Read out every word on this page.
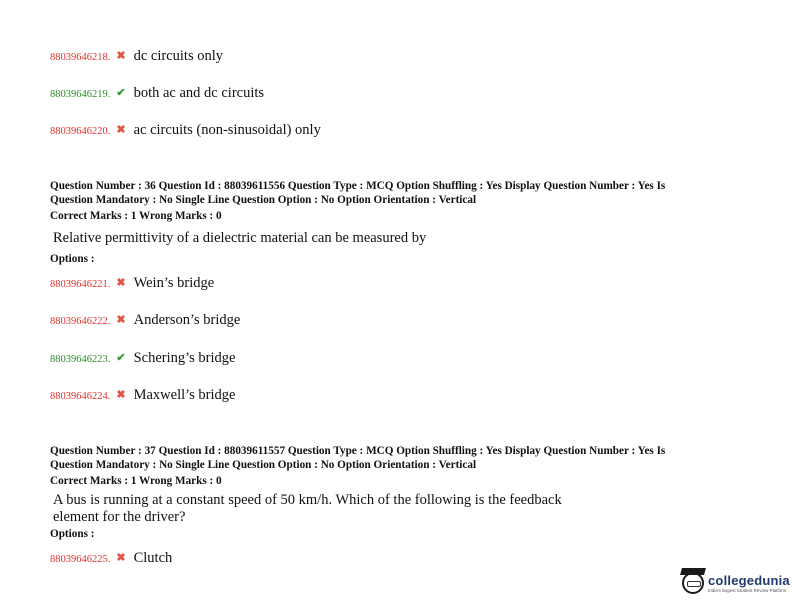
88039646218. ✖ dc circuits only
88039646219. ✔ both ac and dc circuits
88039646220. ✖ ac circuits (non-sinusoidal) only
Question Number : 36 Question Id : 88039611556 Question Type : MCQ Option Shuffling : Yes Display Question Number : Yes Is
Question Mandatory : No Single Line Question Option : No Option Orientation : Vertical
Correct Marks : 1 Wrong Marks : 0
Relative permittivity of a dielectric material can be measured by
Options :
88039646221. ✖ Wein’s bridge
88039646222. ✖ Anderson’s bridge
88039646223. ✔ Schering’s bridge
88039646224. ✖ Maxwell’s bridge
Question Number : 37 Question Id : 88039611557 Question Type : MCQ Option Shuffling : Yes Display Question Number : Yes Is
Question Mandatory : No Single Line Question Option : No Option Orientation : Vertical
Correct Marks : 1 Wrong Marks : 0
A bus is running at a constant speed of 50 km/h. Which of the following is the feedback
element for the driver?
Options :
88039646225. ✖ Clutch
collegedunia
India's largest Student Review Platform
